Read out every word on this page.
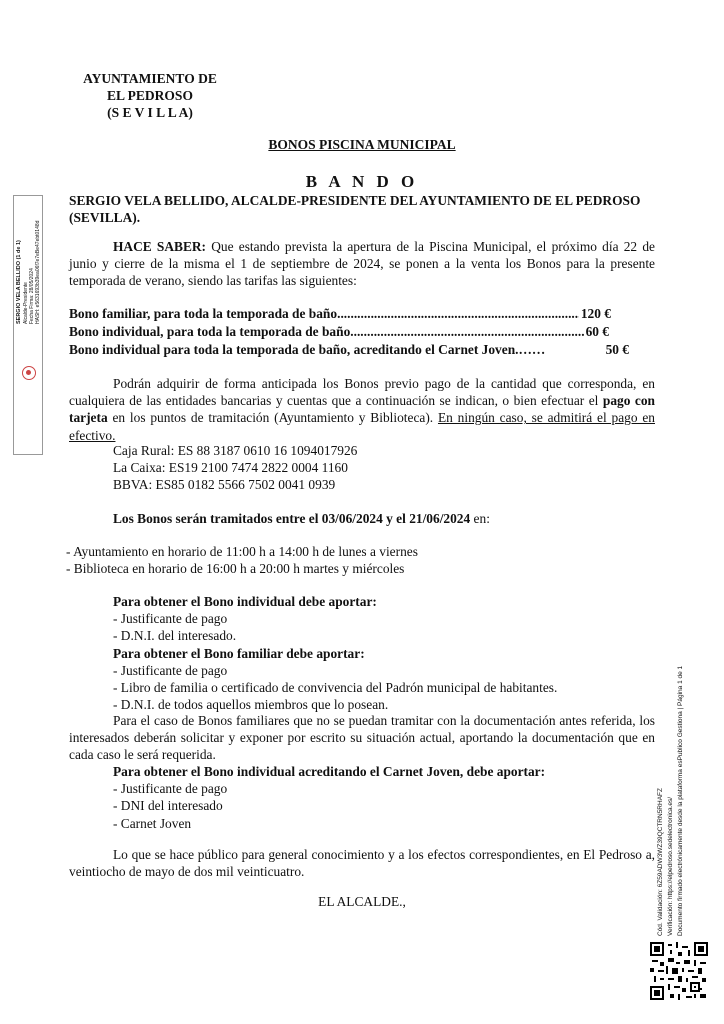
AYUNTAMIENTO DE
EL PEDROSO
(S E V I L L A)
BONOS PISCINA MUNICIPAL
B A N D O
SERGIO VELA BELLIDO, ALCALDE-PRESIDENTE DEL AYUNTAMIENTO DE EL PEDROSO (SEVILLA).
HACE SABER: Que estando prevista la apertura de la Piscina Municipal, el próximo día 22 de junio y cierre de la misma el 1 de septiembre de 2024, se ponen a la venta los Bonos para la presente temporada de verano, siendo las tarifas las siguientes:
Bono familiar, para toda la temporada de baño .....	120 €
Bono individual, para toda la temporada de baño .....	60 €
Bono individual para toda la temporada de baño, acreditando el Carnet Joven.……	50 €
Podrán adquirir de forma anticipada los Bonos previo pago de la cantidad que corresponda, en cualquiera de las entidades bancarias y cuentas que a continuación se indican, o bien efectuar el pago con tarjeta en los puntos de tramitación (Ayuntamiento y Biblioteca). En ningún caso, se admitirá el pago en efectivo.
Caja Rural: ES 88 3187 0610 16 1094017926
La Caixa: ES19 2100 7474 2822 0004 1160
BBVA: ES85 0182 5566 7502 0041 0939
Los Bonos serán tramitados entre el 03/06/2024 y el 21/06/2024 en:
- Ayuntamiento en horario de 11:00 h a 14:00 h de lunes a viernes
- Biblioteca en horario de 16:00 h a 20:00 h martes y miércoles
Para obtener el Bono individual debe aportar:
- Justificante de pago
- D.N.I. del interesado.
Para obtener el Bono familiar debe aportar:
- Justificante de pago
- Libro de familia o certificado de convivencia del Padrón municipal de habitantes.
- D.N.I. de todos aquellos miembros que lo posean.
Para el caso de Bonos familiares que no se puedan tramitar con la documentación antes referida, los interesados deberán solicitar y exponer por escrito su situación actual, aportando la documentación que en cada caso le será requerida.
Para obtener el Bono individual acreditando el Carnet Joven, debe aportar:
- Justificante de pago
- DNI del interesado
- Carnet Joven
Lo que se hace público para general conocimiento y a los efectos correspondientes, en El Pedroso a, veintiocho de mayo de dos mil veinticuatro.
EL ALCALDE.,
SERGIO VELA BELLIDO (1 de 1) Alcalde-Presidente Fecha Firma: 28/05/2024 HASH: e5631693b39ea06f7e7eBe47ebt0148d
Cód. Validación: 6Z59ADW3WZ39QCTRN5RHAFZ Verificación: https://elpedroso.sedelectronica.es/ Documento firmado electrónicamente desde la plataforma esPublico Gestiona | Página 1 de 1
